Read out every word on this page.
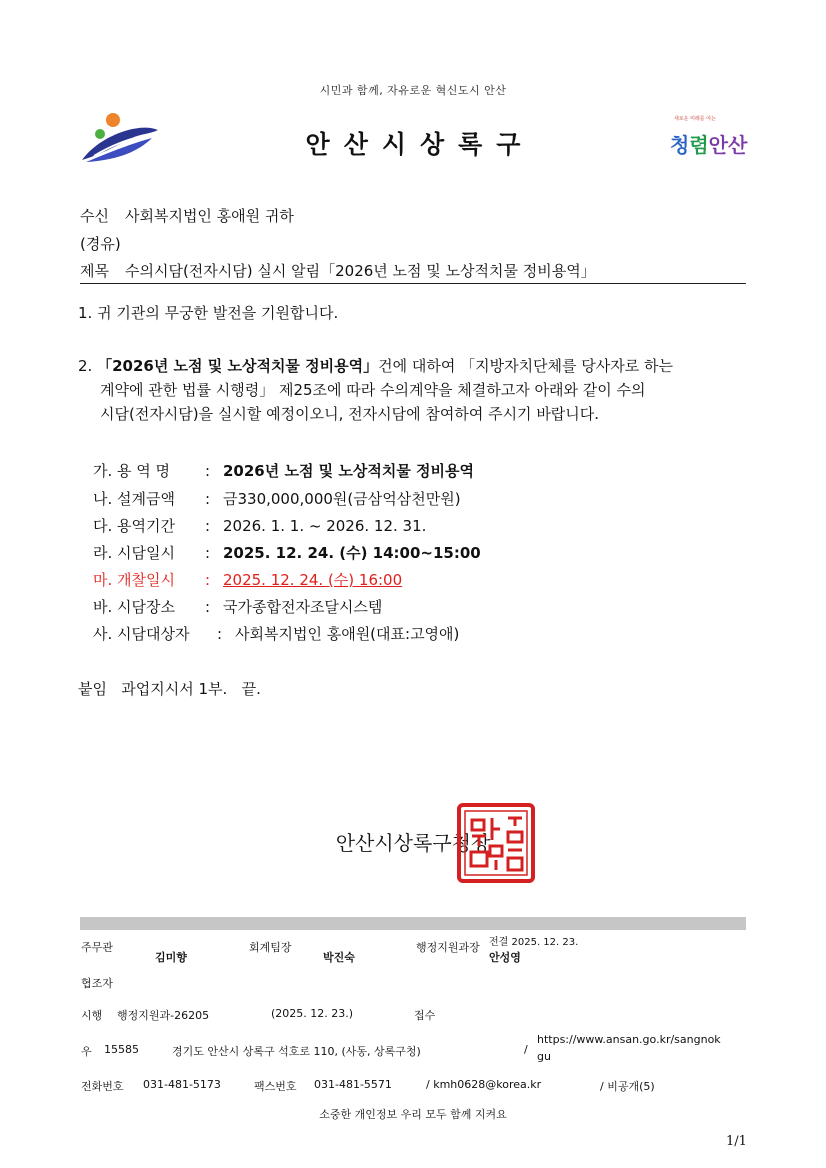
시민과 함께, 자유로운 혁신도시 안산
안산시상록구
새로운 미래를 여는
청렴안산
수신 사회복지법인 홍애원 귀하
(경유)
제목 수의시담(전자시담) 실시 알림「2026년 노점 및 노상적치물 정비용역」
1. 귀 기관의 무궁한 발전을 기원합니다.
2. 「2026년 노점 및 노상적치물 정비용역」건에 대하여 「지방자치단체를 당사자로 하는
계약에 관한 법률 시행령」 제25조에 따라 수의계약을 체결하고자 아래와 같이 수의
시담(전자시담)을 실시할 예정이오니, 전자시담에 참여하여 주시기 바랍니다.
가. 용 역 명 : 2026년 노점 및 노상적치물 정비용역
나. 설계금액 : 금330,000,000원(금삼억삼천만원)
다. 용역기간 : 2026. 1. 1. ~ 2026. 12. 31.
라. 시담일시 : 2025. 12. 24. (수) 14:00~15:00
마. 개찰일시 : 2025. 12. 24. (수) 16:00
바. 시담장소 : 국가종합전자조달시스템
사. 시담대상자 : 사회복지법인 홍애원(대표:고영애)
붙임   과업지시서 1부.   끝.
안산시상록구청장
주무관
김미향
회계팀장
박진숙
행정지원과장 전결 2025. 12. 23.
안성영
협조자
시행 행정지원과-26205	(2025. 12. 23.)	접수
우 15585	경기도 안산시 상록구 석호로 110, (사동, 상록구청)	/
https://www.ansan.go.kr/sangnok
gu
전화번호 031-481-5173	팩스번호 031-481-5571	/ kmh0628@korea.kr	/ 비공개(5)
소중한 개인정보 우리 모두 함께 지켜요
1/1
